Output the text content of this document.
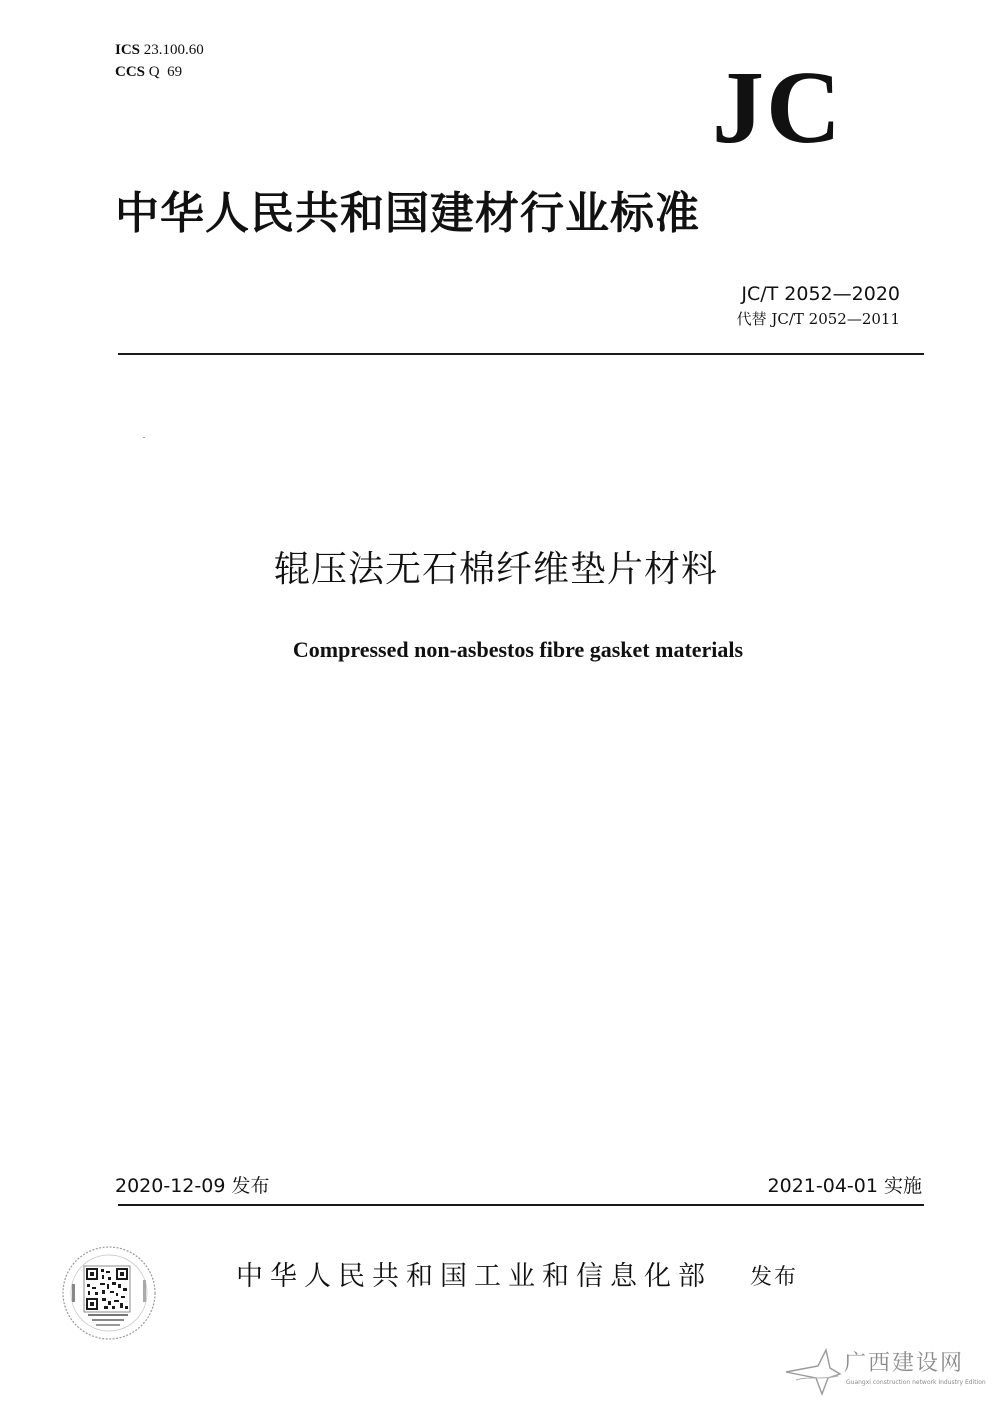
ICS 23.100.60
CCS Q  69	JC
中华人民共和国建材行业标准
JC/T 2052—2020
代替 JC/T 2052—2011
辊压法无石棉纤维垫片材料
Compressed non-asbestos fibre gasket materials
2020-12-09 发布	2021-04-01 实施
中华人民共和国工业和信息化部 发布
广西建设网
Guangxi construction network Industry Edition
